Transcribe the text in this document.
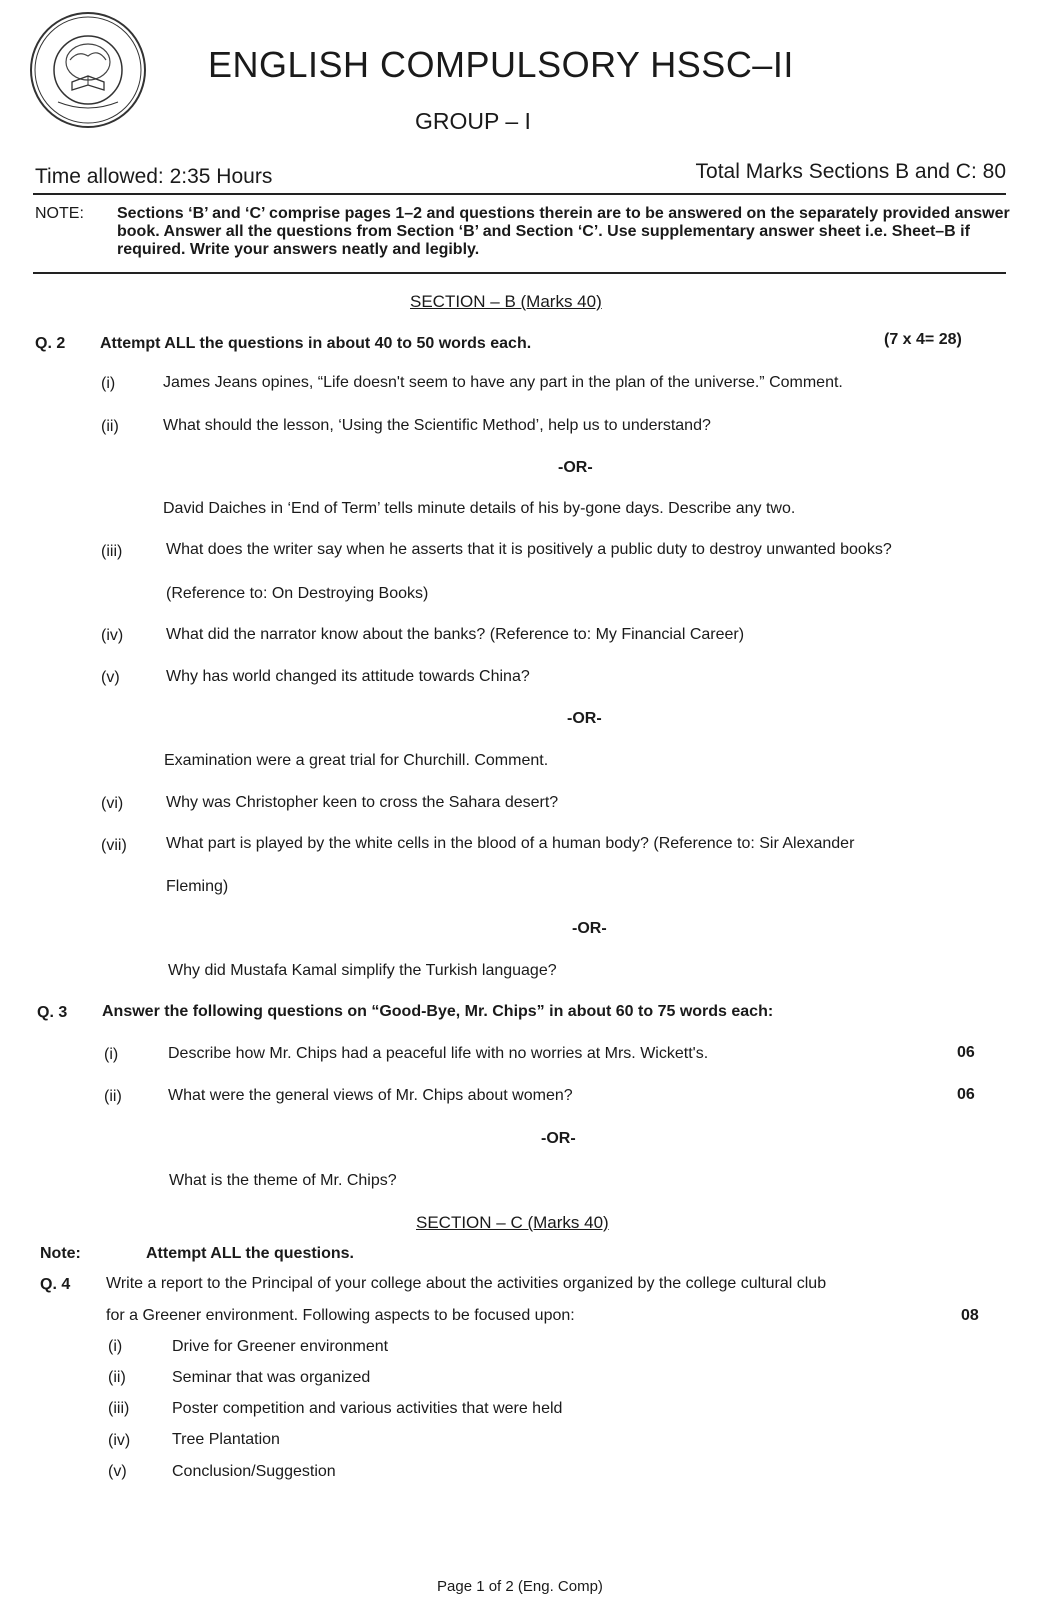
ENGLISH COMPULSORY HSSC–II
GROUP – I
Time allowed: 2:35 Hours	Total Marks Sections B and C: 80
NOTE: Sections ‘B’ and ‘C’ comprise pages 1–2 and questions therein are to be answered on the separately provided answer book. Answer all the questions from Section ‘B’ and Section ‘C’. Use supplementary answer sheet i.e. Sheet–B if required. Write your answers neatly and legibly.
SECTION – B (Marks 40)
Q. 2 Attempt ALL the questions in about 40 to 50 words each.	(7 x 4= 28)
(i)	James Jeans opines, “Life doesn't seem to have any part in the plan of the universe.” Comment.
(ii)	What should the lesson, ‘Using the Scientific Method’, help us to understand?
-OR-
David Daiches in ‘End of Term’ tells minute details of his by-gone days. Describe any two.
(iii)	What does the writer say when he asserts that it is positively a public duty to destroy unwanted books?
(Reference to: On Destroying Books)
(iv)	What did the narrator know about the banks? (Reference to: My Financial Career)
(v)	Why has world changed its attitude towards China?
-OR-
Examination were a great trial for Churchill. Comment.
(vi)	Why was Christopher keen to cross the Sahara desert?
(vii) What part is played by the white cells in the blood of a human body? (Reference to: Sir Alexander
Fleming)
-OR-
Why did Mustafa Kamal simplify the Turkish language?
Q. 3 Answer the following questions on “Good-Bye, Mr. Chips” in about 60 to 75 words each:
(i)	Describe how Mr. Chips had a peaceful life with no worries at Mrs. Wickett's.	06
(ii)	What were the general views of Mr. Chips about women?	06
-OR-
What is the theme of Mr. Chips?
SECTION – C (Marks 40)
Note:	Attempt ALL the questions.
Q. 4 Write a report to the Principal of your college about the activities organized by the college cultural club
for a Greener environment. Following aspects to be focused upon:	08
(i)	Drive for Greener environment
(ii)	Seminar that was organized
(iii)	Poster competition and various activities that were held
(iv)	Tree Plantation
(v)	Conclusion/Suggestion
Page 1 of 2 (Eng. Comp)
